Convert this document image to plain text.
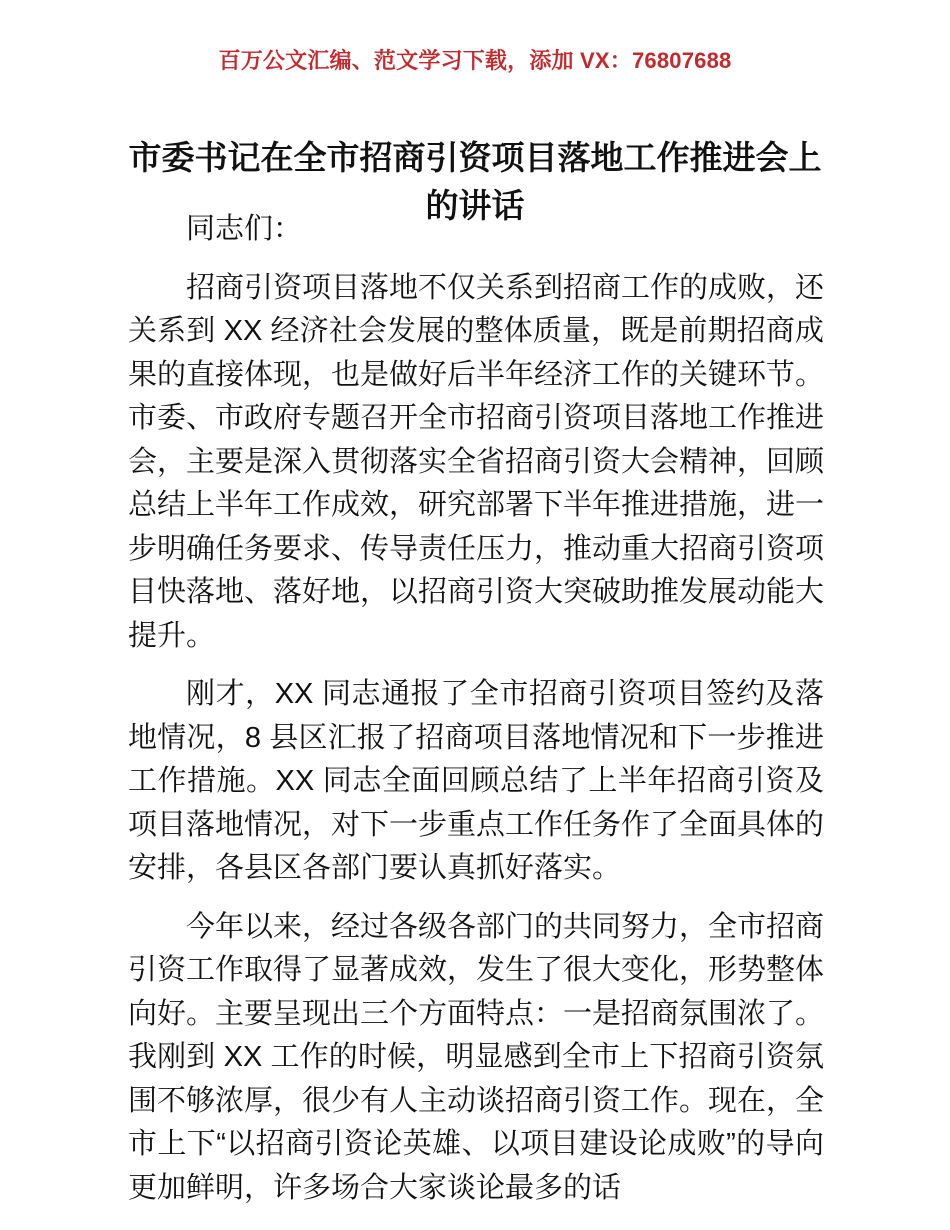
百万公文汇编、范文学习下载，添加 VX：76807688
市委书记在全市招商引资项目落地工作推进会上的讲话

同志们：

招商引资项目落地不仅关系到招商工作的成败，还关系到 XX 经济社会发展的整体质量，既是前期招商成果的直接体现，也是做好后半年经济工作的关键环节。市委、市政府专题召开全市招商引资项目落地工作推进会，主要是深入贯彻落实全省招商引资大会精神，回顾总结上半年工作成效，研究部署下半年推进措施，进一步明确任务要求、传导责任压力，推动重大招商引资项目快落地、落好地，以招商引资大突破助推发展动能大提升。

刚才，XX 同志通报了全市招商引资项目签约及落地情况，8 县区汇报了招商项目落地情况和下一步推进工作措施。XX 同志全面回顾总结了上半年招商引资及项目落地情况，对下一步重点工作任务作了全面具体的安排，各县区各部门要认真抓好落实。

今年以来，经过各级各部门的共同努力，全市招商引资工作取得了显著成效，发生了很大变化，形势整体向好。主要呈现出三个方面特点：一是招商氛围浓了。我刚到 XX 工作的时候，明显感到全市上下招商引资氛围不够浓厚，很少有人主动谈招商引资工作。现在，全市上下“以招商引资论英雄、以项目建设论成败”的导向更加鲜明，许多场合大家谈论最多的话
